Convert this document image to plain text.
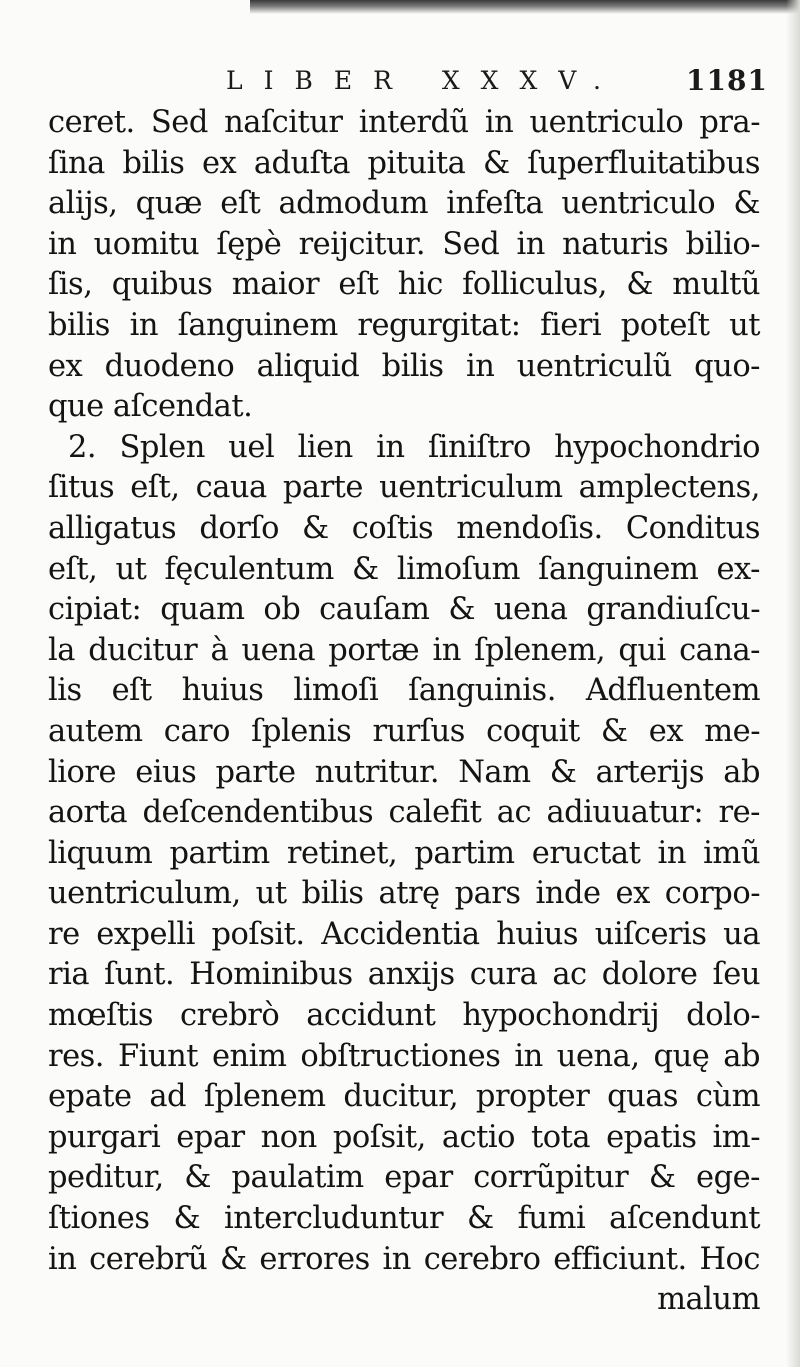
LIBER XXXV. 1181
ceret. Sed naſcitur interdũ in uentriculo pra-
ſina bilis ex aduſta pituita & ſuperfluitatibus
alijs, quæ eſt admodum infeſta uentriculo &
in uomitu ſępè reijcitur. Sed in naturis bilio-
ſis, quibus maior eſt hic folliculus, & multũ
bilis in ſanguinem regurgitat: fieri poteſt ut
ex duodeno aliquid bilis in uentriculũ quo-
que aſcendat.
2. Splen uel lien in ſiniſtro hypochondrio
ſitus eſt, caua parte uentriculum amplectens,
alligatus dorſo & coſtis mendoſis. Conditus
eſt, ut fęculentum & limoſum ſanguinem ex-
cipiat: quam ob cauſam & uena grandiuſcu-
la ducitur à uena portæ in ſplenem, qui cana-
lis eſt huius limoſi ſanguinis. Adfluentem
autem caro ſplenis rurſus coquit & ex me-
liore eius parte nutritur. Nam & arterijs ab
aorta deſcendentibus calefit ac adiuuatur: re-
liquum partim retinet, partim eructat in imũ
uentriculum, ut bilis atrę pars inde ex corpo-
re expelli poſsit. Accidentia huius uiſceris ua
ria ſunt. Hominibus anxijs cura ac dolore ſeu
mœſtis crebrò accidunt hypochondrij dolo-
res. Fiunt enim obſtructiones in uena, quę ab
epate ad ſplenem ducitur, propter quas cùm
purgari epar non poſsit, actio tota epatis im-
peditur, & paulatim epar corrũpitur & ege-
ſtiones & intercluduntur & fumi aſcendunt
in cerebrũ & errores in cerebro efficiunt. Hoc
malum
